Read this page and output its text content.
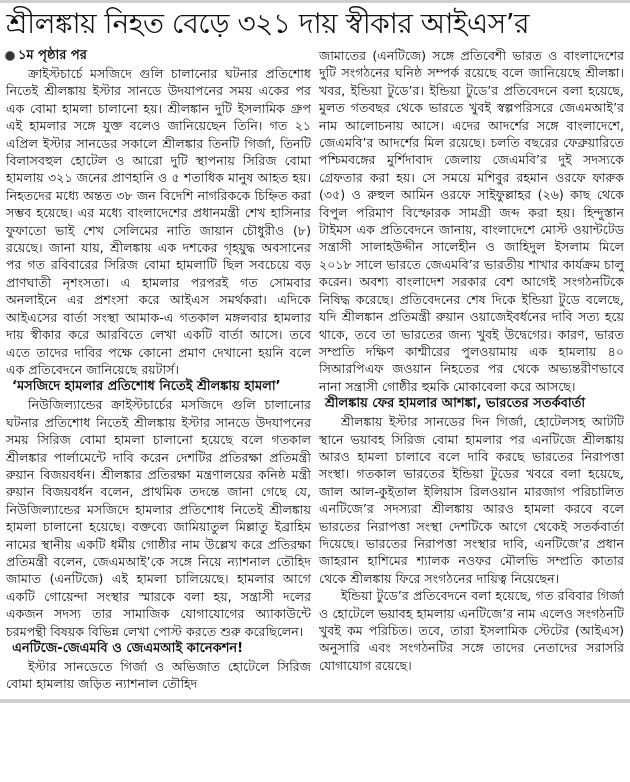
শ্রীলঙ্কায় নিহত বেড়ে ৩২১ দায় স্বীকার আইএস’র
১ম পৃষ্ঠার পর

ক্রাইস্টচার্চে মসজিদে গুলি চালানোর ঘটনার প্রতিশোধ নিতেই শ্রীলঙ্কায় ইস্টার সানডে উদযাপনের সময় একের পর এক বোমা হামলা চালানো হয়। শ্রীলঙ্কান দুটি ইসলামিক গ্রুপ এই হামলার সঙ্গে যুক্ত বলেও জানিয়েছেন তিনি। গত ২১ এপ্রিল ইস্টার সানডের সকালে শ্রীলঙ্কার তিনটি গির্জা, তিনটি বিলাসবহুল হোটেল ও আরো দুটি স্থাপনায় সিরিজ বোমা হামলায় ৩২১ জনের প্রাণহানি ও ৫ শতাধিক মানুষ আহত হয়। নিহতদের মধ্যে অন্তত ৩৮ জন বিদেশি নাগরিককে চিহ্নিত করা সম্ভব হয়েছে। এর মধ্যে বাংলাদেশের প্রধানমন্ত্রী শেখ হাসিনার ফুফাতো ভাই শেখ সেলিমের নাতি জায়ান চৌধুরীও (৮) রয়েছে। জানা যায়, শ্রীলঙ্কায় এক দশকের গৃহযুদ্ধ অবসানের পর গত রবিবারের সিরিজ বোমা হামলাটি ছিল সবচেয়ে বড় প্রাণঘাতী নৃশংসতা। এ হামলার পরপরই গত সোমবার অনলাইনে এর প্রশংসা করে আইএস সমর্থকরা। এদিকে আইএসের বার্তা সংস্থা আমাক-এ গতকাল মঙ্গলবার হামলার দায় স্বীকার করে আরবিতে লেখা একটি বার্তা আসে। তবে এতে তাদের দাবির পক্ষে কোনো প্রমাণ দেখানো হয়নি বলে এক প্রতিবেদনে জানিয়েছে রয়টার্স।

‘মসজিদে হামলার প্রতিশোধ নিতেই শ্রীলঙ্কায় হামলা’

নিউজিল্যান্ডের ক্রাইস্টচার্চের মসজিদে গুলি চালানোর ঘটনার প্রতিশোধ নিতেই শ্রীলঙ্কায় ইস্টার সানডে উদযাপনের সময় সিরিজ বোমা হামলা চালানো হয়েছে বলে গতকাল শ্রীলঙ্কার পার্লামেন্টে দাবি করেন দেশটির প্রতিরক্ষা প্রতিমন্ত্রী রুয়ান বিজয়বর্ধন। শ্রীলঙ্কার প্রতিরক্ষা মন্ত্রণালয়ের কনিষ্ঠ মন্ত্রী রুয়ান বিজয়বর্ধন বলেন, প্রাথমিক তদন্তে জানা গেছে যে, নিউজিল্যান্ডের মসজিদে হামলার প্রতিশোধ নিতেই শ্রীলঙ্কায় হামলা চালানো হয়েছে। বক্তব্যে জামিয়াতুল মিল্লাতু ইব্রাহিম নামের স্থানীয় একটি ধর্মীয় গোষ্ঠীর নাম উল্লেখ করে প্রতিরক্ষা প্রতিমন্ত্রী বলেন, জেএমআই’কে সঙ্গে নিয়ে ন্যাশনাল তৌহিদ জামাত (এনটিজে) এই হামলা চালিয়েছে। হামলার আগে একটি গোয়েন্দা সংস্থার স্মারকে বলা হয়, সন্ত্রাসী দলের একজন সদস্য তার সামাজিক যোগাযোগের অ্যাকাউন্টে চরমপন্থী বিষয়ক বিভিন্ন লেখা পোস্ট করতে শুরু করেছিলেন।

এনটিজে-জেএমবি ও জেএমআই কানেকশন!

ইস্টার সানডেতে গির্জা ও অভিজাত হোটেলে সিরিজ বোমা হামলায় জড়িত ন্যাশনাল তৌহিদ

জামাতের (এনটিজে) সঙ্গে প্রতিবেশী ভারত ও বাংলাদেশের দুটি সংগঠনের ঘনিষ্ঠ সম্পর্ক রয়েছে বলে জানিয়েছে শ্রীলঙ্কা। খবর, ইন্ডিয়া টুডে’র। ইন্ডিয়া টুডে’র প্রতিবেদনে বলা হয়েছে, মুলত গতবছর থেকে ভারতে খুবই স্বল্পপরিসরে জেএমআই’র নাম আলোচনায় আসে। এদের আদর্শের সঙ্গে বাংলাদেশে, জেএমবি’র আদর্শের মিল রয়েছে। চলতি বছরের ফেব্রুয়ারিতে পশ্চিমবঙ্গের মুর্শিদাবাদ জেলায় জেএমবি’র দুই সদস্যকে গ্রেফতার করা হয়। সে সময়ে মশিবুর রহমান ওরফে ফারুক (৩৫) ও রুহুল আমিন ওরফে সাইফুল্লাহর (২৬) কাছ থেকে বিপুল পরিমাণ বিস্ফোরক সামগ্রী জব্দ করা হয়। হিন্দুস্তান টাইমস এক প্রতিবেদনে জানায়, বাংলাদেশে মোস্ট ওয়ান্টটেড সন্ত্রাসী সালাহউদ্দীন সালেহীন ও জাহিদুল ইসলাম মিলে ২০১৮ সালে ভারতে জেএমবি’র ভারতীয় শাখার কার্যক্রম চালু করেন। অবশ্য বাংলাদেশ সরকার বেশ আগেই সংগঠনটিকে নিষিদ্ধ করেছে। প্রতিবেদনের শেষ দিকে ইন্ডিয়া টুডে বলেছে, যদি শ্রীলঙ্কান প্রতিমন্ত্রী রুয়ান ওয়াজেইবর্ধনের দাবি সত্য হয়ে থাকে, তবে তা ভারতের জন্য খুবই উদ্বেগের। কারণ, ভারত সম্প্রতি দক্ষিণ কাশ্মীরের পুলওয়ামায় এক হামলায় ৪০ সিআরপিএফ জওয়ান নিহতের পর থেকে অভ্যন্তরীণভাবে নানা সন্ত্রাসী গোষ্ঠীর হুমকি মোকাবেলা করে আসছে।

শ্রীলঙ্কায় ফের হামলার আশঙ্কা, ভারতের সতর্কবার্তা

শ্রীলঙ্কায় ইস্টার সানডের দিন গির্জা, হোটেলসহ আটটি স্থানে ভয়াবহ সিরিজ বোমা হামলার পর এনটিজে শ্রীলঙ্কায় আরও হামলা চালাবে বলে দাবি করছে ভারতের নিরাপত্তা সংস্থা। গতকাল ভারতের ইন্ডিয়া টুডের খবরে বলা হয়েছে, জাল আল-কুইতাল ইলিয়াস রিলওয়ান মারজাগ পরিচালিত এনটিজে’র সদস্যরা শ্রীলঙ্কায় আরও হামলা করবে বলে ভারতের নিরাপত্তা সংস্থা দেশটিকে আগে থেকেই সতর্কবার্তা দিয়েছে। ভারতের নিরাপত্তা সংস্থার দাবি, এনটিজে’র প্রধান জাহরান হাশিমের শ্যালক নওফর মৌলভি সম্প্রতি কাতার থেকে শ্রীলঙ্কায় ফিরে সংগঠনের দায়িত্ব নিয়েছেন।

ইন্ডিয়া টুডে’র প্রতিবেদনে বলা হয়েছে, গত রবিবার গির্জা ও হোটেলে ভয়াবহ হামলায় এনটিজে’র নাম এলেও সংগঠনটি খুবই কম পরিচিত। তবে, তারা ইসলামিক স্টেটের (আইএস) অনুসারি এবং সংগঠনটির সঙ্গে তাদের নেতাদের সরাসরি যোগাযোগ রয়েছে।
